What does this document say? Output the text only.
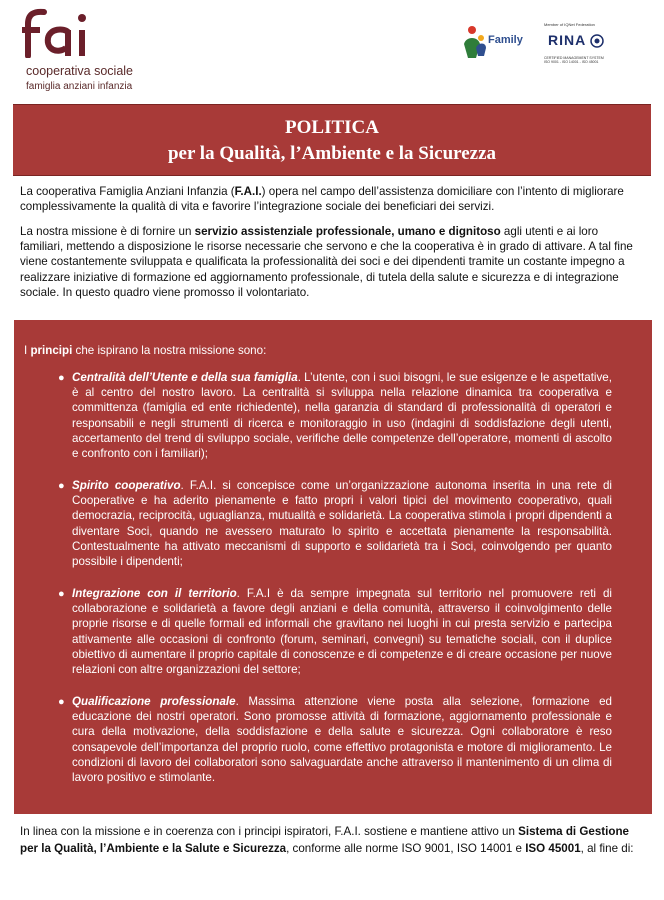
cooperativa sociale
famiglia anziani infanzia
Family
Member of IQNet Federation
RINA
CERTIFIED MANAGEMENT SYSTEM ISO 9001 - ISO 14001 - ISO 45001
POLITICA
per la Qualità, l’Ambiente e la Sicurezza
La cooperativa Famiglia Anziani Infanzia (F.A.I.) opera nel campo dell’assistenza domiciliare con l’intento di migliorare complessivamente la qualità di vita e favorire l’integrazione sociale dei beneficiari dei servizi.
La nostra missione è di fornire un servizio assistenziale professionale, umano e dignitoso agli utenti e ai loro familiari, mettendo a disposizione le risorse necessarie che servono e che la cooperativa è in grado di attivare. A tal fine viene costantemente sviluppata e qualificata la professionalità dei soci e dei dipendenti tramite un costante impegno a realizzare iniziative di formazione ed aggiornamento professionale, di tutela della salute e sicurezza e di integrazione sociale. In questo quadro viene promosso il volontariato.
I principi che ispirano la nostra missione sono:
● Centralità dell’Utente e della sua famiglia. L’utente, con i suoi bisogni, le sue esigenze e le aspettative, è al centro del nostro lavoro. La centralità si sviluppa nella relazione dinamica tra cooperativa e committenza (famiglia ed ente richiedente), nella garanzia di standard di professionalità di operatori e responsabili e negli strumenti di ricerca e monitoraggio in uso (indagini di soddisfazione degli utenti, accertamento del trend di sviluppo sociale, verifiche delle competenze dell’operatore, momenti di ascolto e confronto con i familiari);
● Spirito cooperativo. F.A.I. si concepisce come un’organizzazione autonoma inserita in una rete di Cooperative e ha aderito pienamente e fatto propri i valori tipici del movimento cooperativo, quali democrazia, reciprocità, uguaglianza, mutualità e solidarietà. La cooperativa stimola i propri dipendenti a diventare Soci, quando ne avessero maturato lo spirito e accettata pienamente la responsabilità. Contestualmente ha attivato meccanismi di supporto e solidarietà tra i Soci, coinvolgendo per quanto possibile i dipendenti;
● Integrazione con il territorio. F.A.I è da sempre impegnata sul territorio nel promuovere reti di collaborazione e solidarietà a favore degli anziani e della comunità, attraverso il coinvolgimento delle proprie risorse e di quelle formali ed informali che gravitano nei luoghi in cui presta servizio e partecipa attivamente alle occasioni di confronto (forum, seminari, convegni) su tematiche sociali, con il duplice obiettivo di aumentare il proprio capitale di conoscenze e di competenze e di creare occasione per nuove relazioni con altre organizzazioni del settore;
● Qualificazione professionale. Massima attenzione viene posta alla selezione, formazione ed educazione dei nostri operatori. Sono promosse attività di formazione, aggiornamento professionale e cura della motivazione, della soddisfazione e della salute e sicurezza. Ogni collaboratore è reso consapevole dell’importanza del proprio ruolo, come effettivo protagonista e motore di miglioramento. Le condizioni di lavoro dei collaboratori sono salvaguardate anche attraverso il mantenimento di un clima di lavoro positivo e stimolante.
In linea con la missione e in coerenza con i principi ispiratori, F.A.I. sostiene e mantiene attivo un Sistema di Gestione per la Qualità, l’Ambiente e la Salute e Sicurezza, conforme alle norme ISO 9001, ISO 14001 e ISO 45001, al fine di:
